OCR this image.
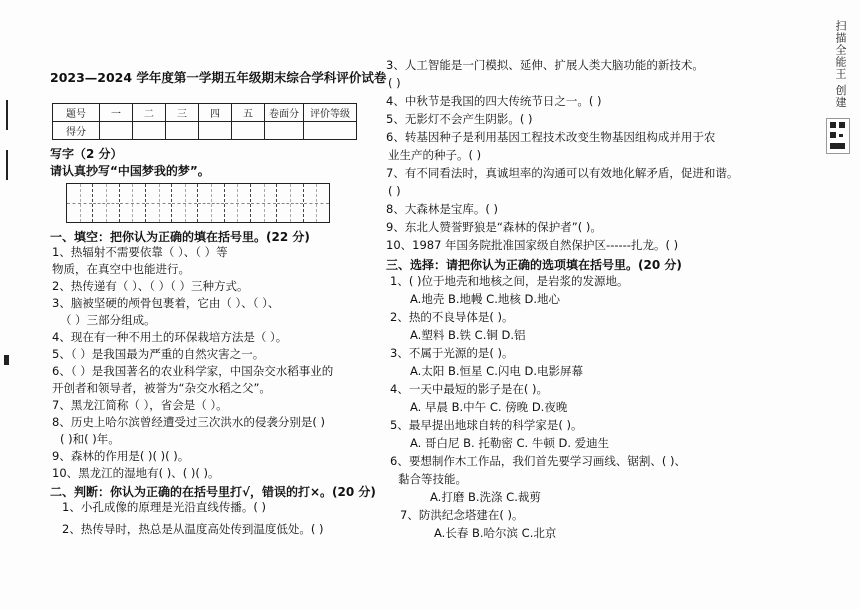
扫描全能王 创建
2023—2024 学年度第一学期五年级期末综合学科评价试卷
题号	一	二	三	四	五	卷面分	评价等级
得分							
写字（2 分）
请认真抄写“中国梦我的梦”。
一、填空：把你认为正确的填在括号里。(22 分)
1、热辐射不需要依靠（ ）、（ ）等
物质，在真空中也能进行。
2、热传递有（ ）、（ ）（ ）三种方式。
3、脑被坚硬的颅骨包裹着，它由（ ）、（ ）、
（ ）三部分组成。
4、现在有一种不用土的环保栽培方法是（ ）。
5、（ ）是我国最为严重的自然灾害之一。
6、（ ）是我国著名的农业科学家，中国杂交水稻事业的
开创者和领导者，被誉为“杂交水稻之父”。
7、黑龙江简称（ ），省会是（ ）。
8、历史上哈尔滨曾经遭受过三次洪水的侵袭分别是( )
( )和( )年。
9、森林的作用是( )( )( )。
10、黑龙江的湿地有( )、( )( )。
二、判断：你认为正确的在括号里打√，错误的打×。(20 分)
1、小孔成像的原理是光沿直线传播。( )
2、热传导时，热总是从温度高处传到温度低处。( )
3、人工智能是一门模拟、延伸、扩展人类大脑功能的新技术。
( )
4、中秋节是我国的四大传统节日之一。( )
5、无影灯不会产生阴影。( )
6、转基因种子是利用基因工程技术改变生物基因组构成并用于农
业生产的种子。( )
7、有不同看法时，真诚坦率的沟通可以有效地化解矛盾，促进和谐。
( )
8、大森林是宝库。( )
9、东北人赞誉野狼是“森林的保护者”( )。
10、1987 年国务院批准国家级自然保护区------扎龙。( )
三、选择：请把你认为正确的选项填在括号里。(20 分)
1、( )位于地壳和地核之间，是岩浆的发源地。
A.地壳 B.地幔 C.地核 D.地心
2、热的不良导体是( )。
A.塑料 B.铁 C.铜 D.铝
3、不属于光源的是( )。
A.太阳 B.恒星 C.闪电 D.电影屏幕
4、一天中最短的影子是在( )。
A. 早晨 B.中午 C. 傍晚 D.夜晚
5、最早提出地球自转的科学家是( )。
A. 哥白尼 B. 托勒密 C. 牛顿 D. 爱迪生
6、要想制作木工作品，我们首先要学习画线、锯割、( )、
黏合等技能。
A.打磨 B.洗涤 C.裁剪
7、防洪纪念塔建在( )。
A.长春 B.哈尔滨 C.北京
